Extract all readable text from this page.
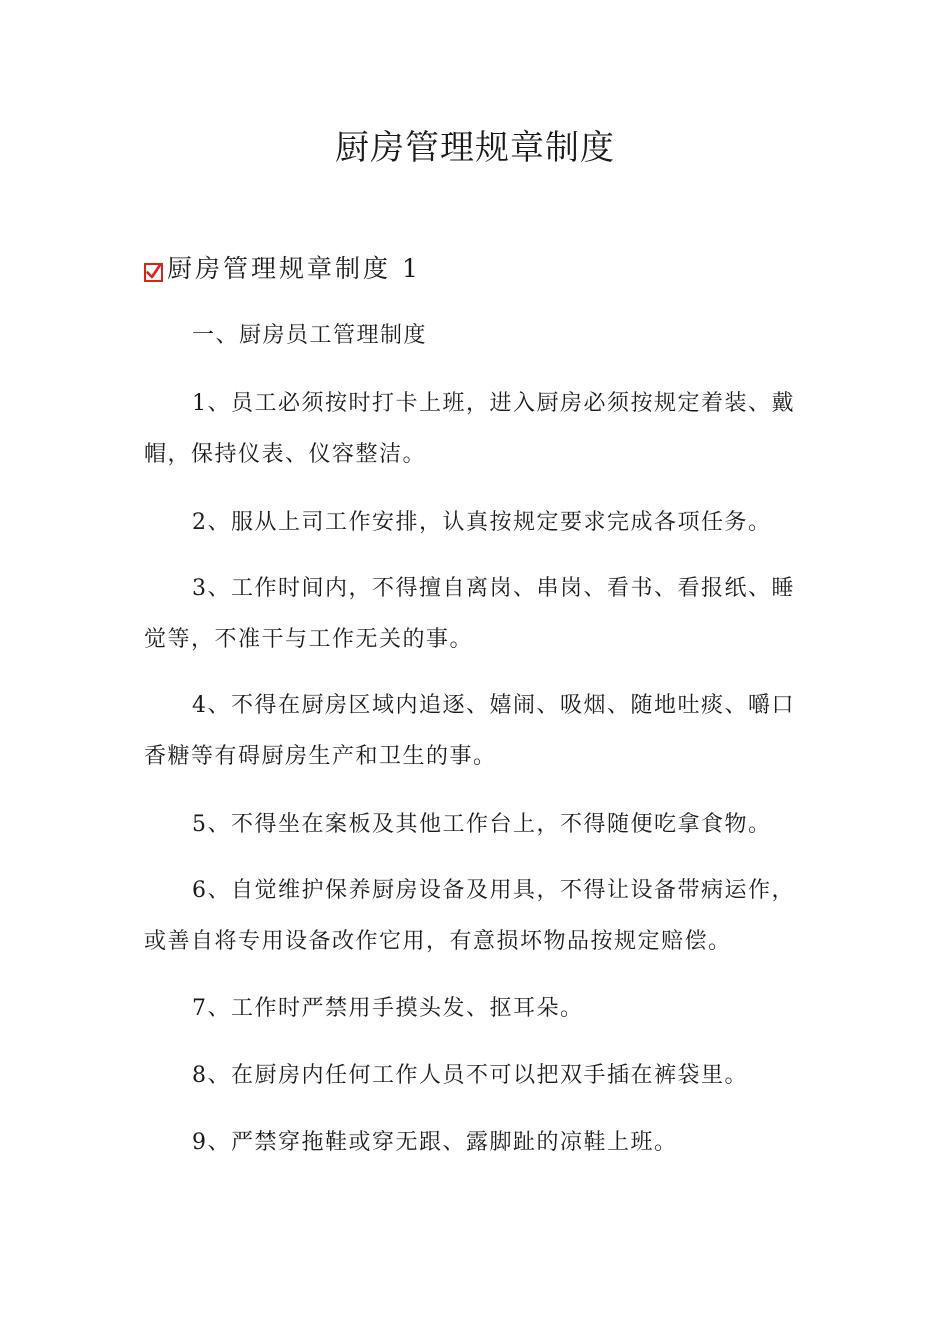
厨房管理规章制度
厨房管理规章制度 1

一、厨房员工管理制度

1、员工必须按时打卡上班，进入厨房必须按规定着装、戴帽，保持仪表、仪容整洁。

2、服从上司工作安排，认真按规定要求完成各项任务。

3、工作时间内，不得擅自离岗、串岗、看书、看报纸、睡觉等，不准干与工作无关的事。

4、不得在厨房区域内追逐、嬉闹、吸烟、随地吐痰、嚼口香糖等有碍厨房生产和卫生的事。

5、不得坐在案板及其他工作台上，不得随便吃拿食物。

6、自觉维护保养厨房设备及用具，不得让设备带病运作，或善自将专用设备改作它用，有意损坏物品按规定赔偿。

7、工作时严禁用手摸头发、抠耳朵。

8、在厨房内任何工作人员不可以把双手插在裤袋里。

9、严禁穿拖鞋或穿无跟、露脚趾的凉鞋上班。
